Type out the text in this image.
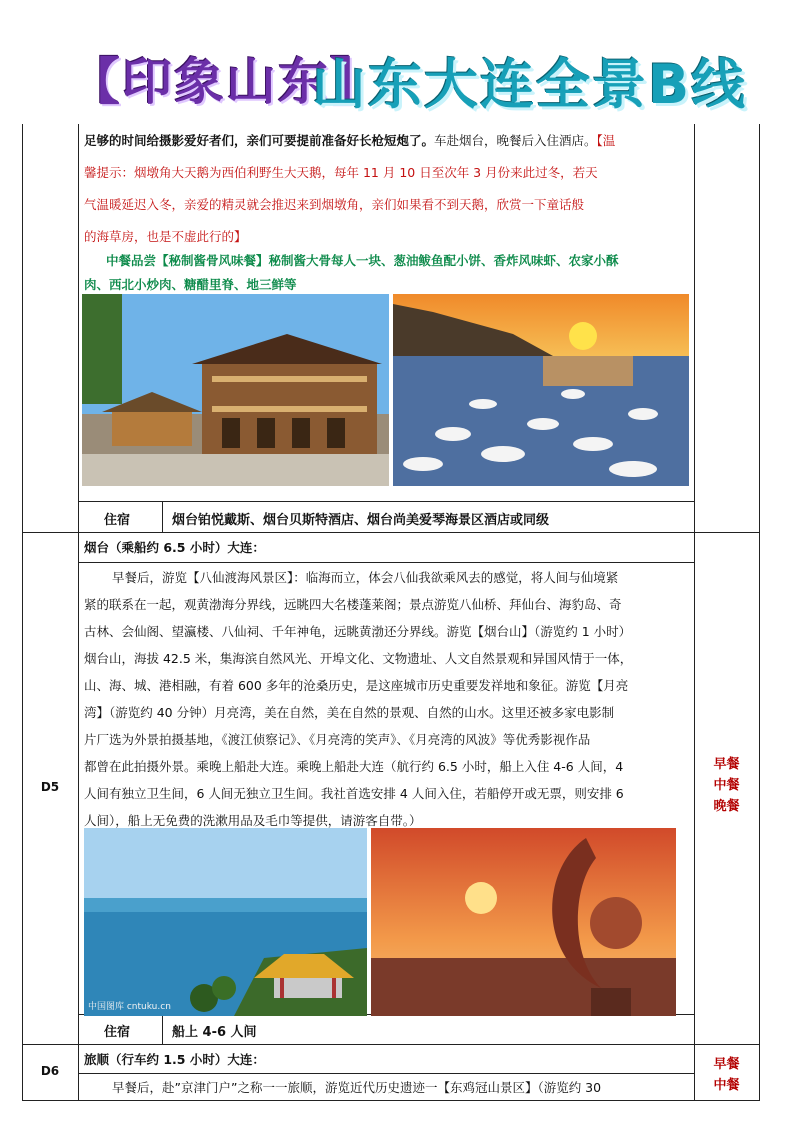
【印象山东】
山东大连全景B线
足够的时间给摄影爱好者们，亲们可要提前准备好长枪短炮了。车赴烟台，晚餐后入住酒店。【温
馨提示：烟墩角大天鹅为西伯利野生大天鹅，每年 11 月 10 日至次年 3 月份来此过冬，若天
气温暖延迟入冬，亲爱的精灵就会推迟来到烟墩角，亲们如果看不到天鹅，欣赏一下童话般
的海草房，也是不虚此行的】
中餐品尝【秘制酱骨风味餐】秘制酱大骨每人一块、葱油鲅鱼配小饼、香炸风味虾、农家小酥
肉、西北小炒肉、糖醋里脊、地三鲜等
住宿	烟台铂悦戴斯、烟台贝斯特酒店、烟台尚美爱琴海景区酒店或同级
D5
烟台（乘船约 6.5 小时）大连：
早餐后，游览【八仙渡海风景区】：临海而立，体会八仙我欲乘风去的感觉，将人间与仙境紧
紧的联系在一起，观黄渤海分界线，远眺四大名楼蓬莱阁；景点游览八仙桥、拜仙台、海豹岛、奇
古林、会仙阁、望瀛楼、八仙祠、千年神龟，远眺黄渤还分界线。游览【烟台山】（游览约 1 小时）
烟台山，海拔 42.5 米，集海滨自然风光、开埠文化、文物遗址、人文自然景观和异国风情于一体，
山、海、城、港相融，有着 600 多年的沧桑历史，是这座城市历史重要发祥地和象征。游览【月亮
湾】（游览约 40 分钟）月亮湾，美在自然，美在自然的景观、自然的山水。这里还被多家电影制
片厂选为外景拍摄基地，《渡江侦察记》、《月亮湾的笑声》、《月亮湾的风波》等优秀影视作品
都曾在此拍摄外景。乘晚上船赴大连。乘晚上船赴大连（航行约 6.5 小时，船上入住 4-6 人间，4
人间有独立卫生间，6 人间无独立卫生间。我社首选安排 4 人间入住，若船停开或无票，则安排 6
人间），船上无免费的洗漱用品及毛巾等提供，请游客自带。）
中国图库 cntuku.cn
早餐
中餐
晚餐
住宿	船上 4-6 人间
D6
旅顺（行车约 1.5 小时）大连：
早餐后，赴”京津门户”之称一一旅顺，游览近代历史遗迹一【东鸡冠山景区】（游览约 30
早餐
中餐
